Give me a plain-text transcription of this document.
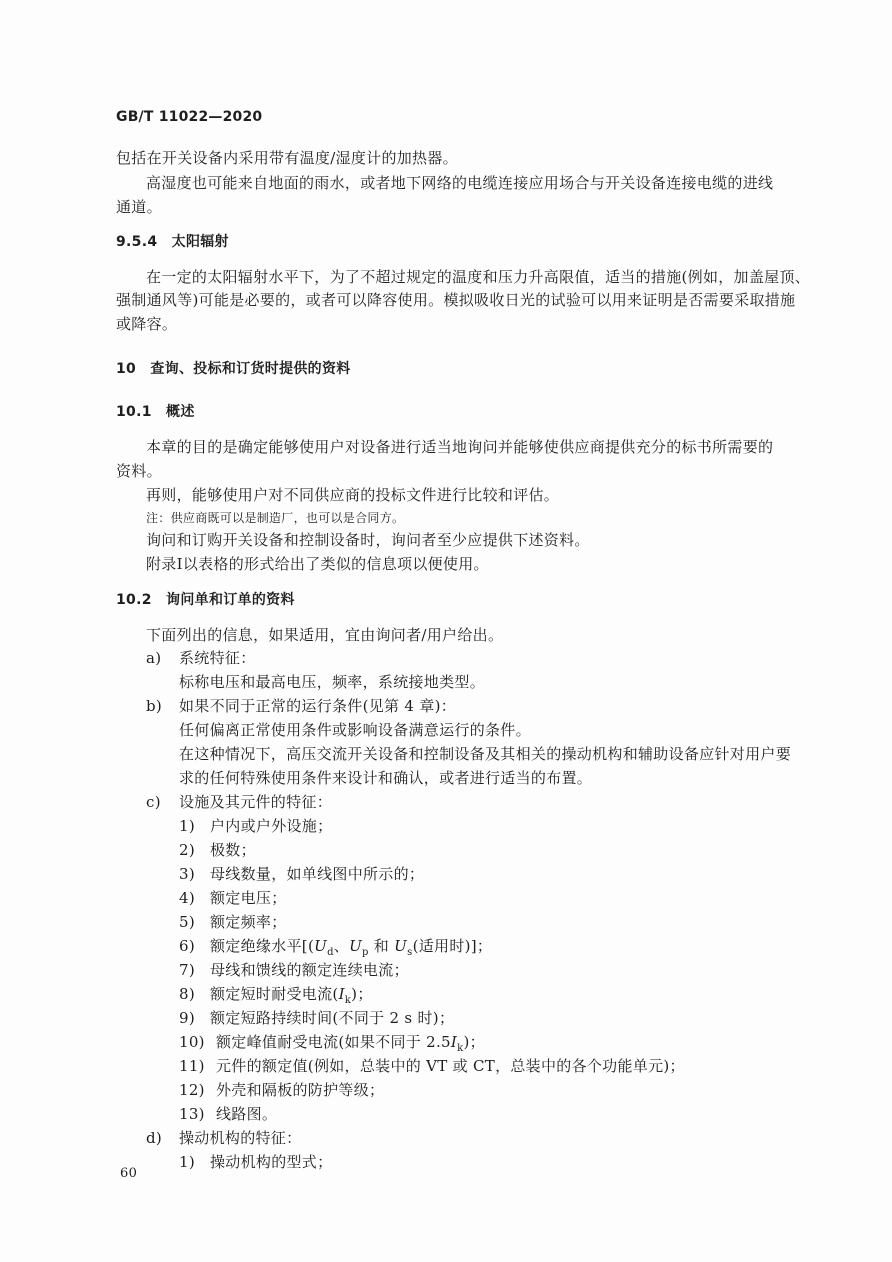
GB/T 11022—2020
包括在开关设备内采用带有温度/湿度计的加热器。
高湿度也可能来自地面的雨水，或者地下网络的电缆连接应用场合与开关设备连接电缆的进线
通道。
9.5.4　太阳辐射
在一定的太阳辐射水平下，为了不超过规定的温度和压力升高限值，适当的措施(例如，加盖屋顶、
强制通风等)可能是必要的，或者可以降容使用。模拟吸收日光的试验可以用来证明是否需要采取措施
或降容。
10　查询、投标和订货时提供的资料
10.1　概述
本章的目的是确定能够使用户对设备进行适当地询问并能够使供应商提供充分的标书所需要的
资料。
再则，能够使用户对不同供应商的投标文件进行比较和评估。
注：供应商既可以是制造厂，也可以是合同方。
询问和订购开关设备和控制设备时，询问者至少应提供下述资料。
附录Ⅰ以表格的形式给出了类似的信息项以便使用。
10.2　询问单和订单的资料
下面列出的信息，如果适用，宜由询问者/用户给出。
a) 系统特征：
标称电压和最高电压，频率，系统接地类型。
b) 如果不同于正常的运行条件(见第 4 章)：
任何偏离正常使用条件或影响设备满意运行的条件。
在这种情况下，高压交流开关设备和控制设备及其相关的操动机构和辅助设备应针对用户要
求的任何特殊使用条件来设计和确认，或者进行适当的布置。
c) 设施及其元件的特征：
1) 户内或户外设施；
2) 极数；
3) 母线数量，如单线图中所示的；
4) 额定电压；
5) 额定频率；
6) 额定绝缘水平[($U_d$、$U_p$ 和 $U_s$(适用时)]；
7) 母线和馈线的额定连续电流；
8) 额定短时耐受电流$(I_k)$；
9) 额定短路持续时间(不同于 2 s 时)；
10) 额定峰值耐受电流(如果不同于 $2.5I_k$)；
11) 元件的额定值(例如，总装中的 VT 或 CT，总装中的各个功能单元)；
12) 外壳和隔板的防护等级；
13) 线路图。
d) 操动机构的特征：
1) 操动机构的型式；
60
